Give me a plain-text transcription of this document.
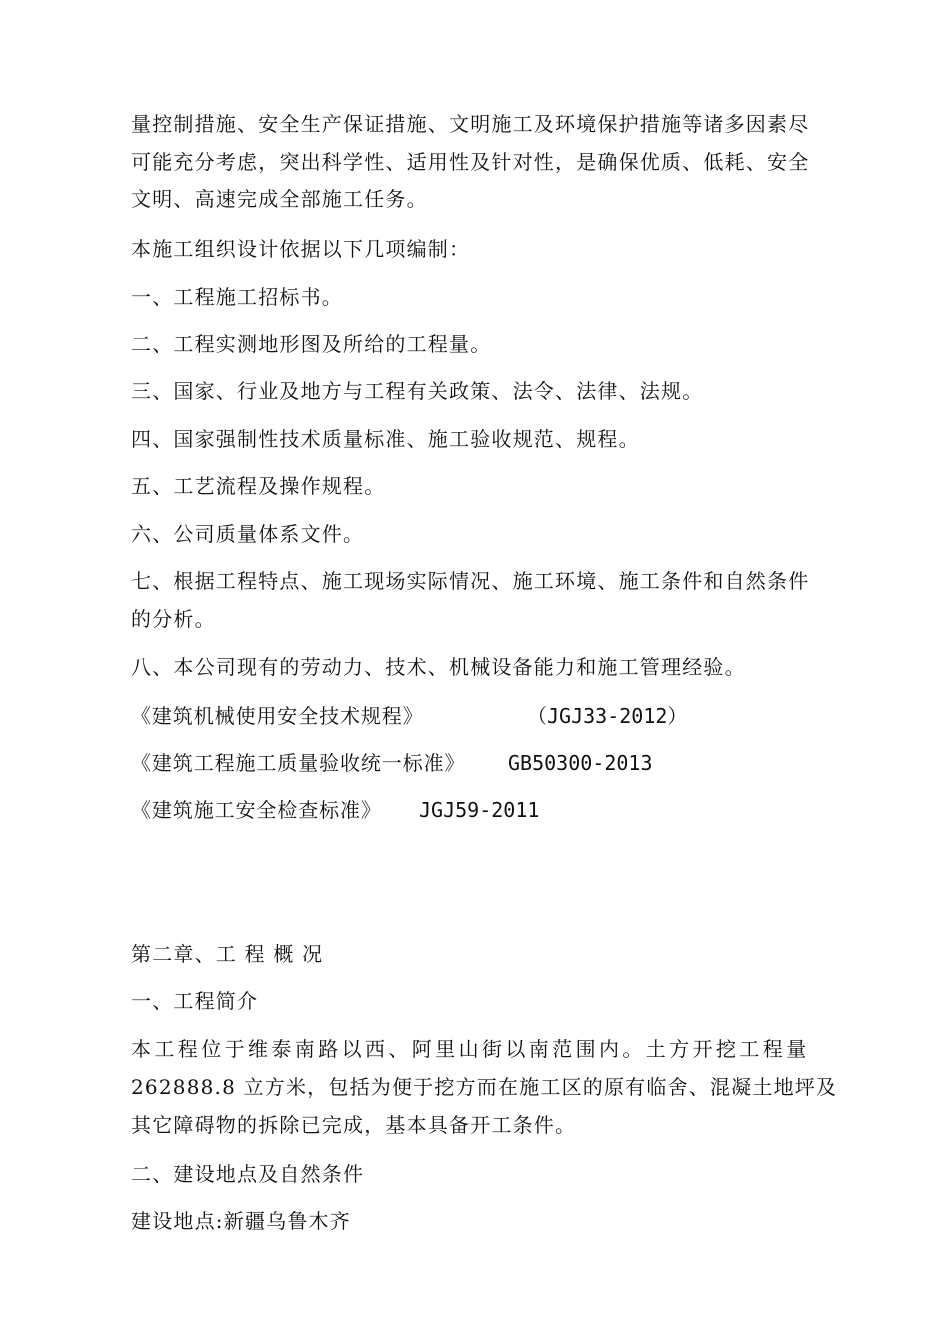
量控制措施、安全生产保证措施、文明施工及环境保护措施等诸多因素尽
可能充分考虑，突出科学性、适用性及针对性，是确保优质、低耗、安全
文明、高速完成全部施工任务。
本施工组织设计依据以下几项编制：
一、工程施工招标书。
二、工程实测地形图及所给的工程量。
三、国家、行业及地方与工程有关政策、法令、法律、法规。
四、国家强制性技术质量标准、施工验收规范、规程。
五、工艺流程及操作规程。
六、公司质量体系文件。
七、根据工程特点、施工现场实际情况、施工环境、施工条件和自然条件
的分析。
八、本公司现有的劳动力、技术、机械设备能力和施工管理经验。
《建筑机械使用安全技术规程》	（JGJ33-2012）
《建筑工程施工质量验收统一标准》 GB50300-2013
《建筑施工安全检查标准》 JGJ59-2011
第二章、工 程 概 况
一、工程简介
本工程位于维泰南路以西、阿里山街以南范围内。土方开挖工程量
262888.8 立方米，包括为便于挖方而在施工区的原有临舍、混凝土地坪及
其它障碍物的拆除已完成，基本具备开工条件。
二、建设地点及自然条件
建设地点:新疆乌鲁木齐
